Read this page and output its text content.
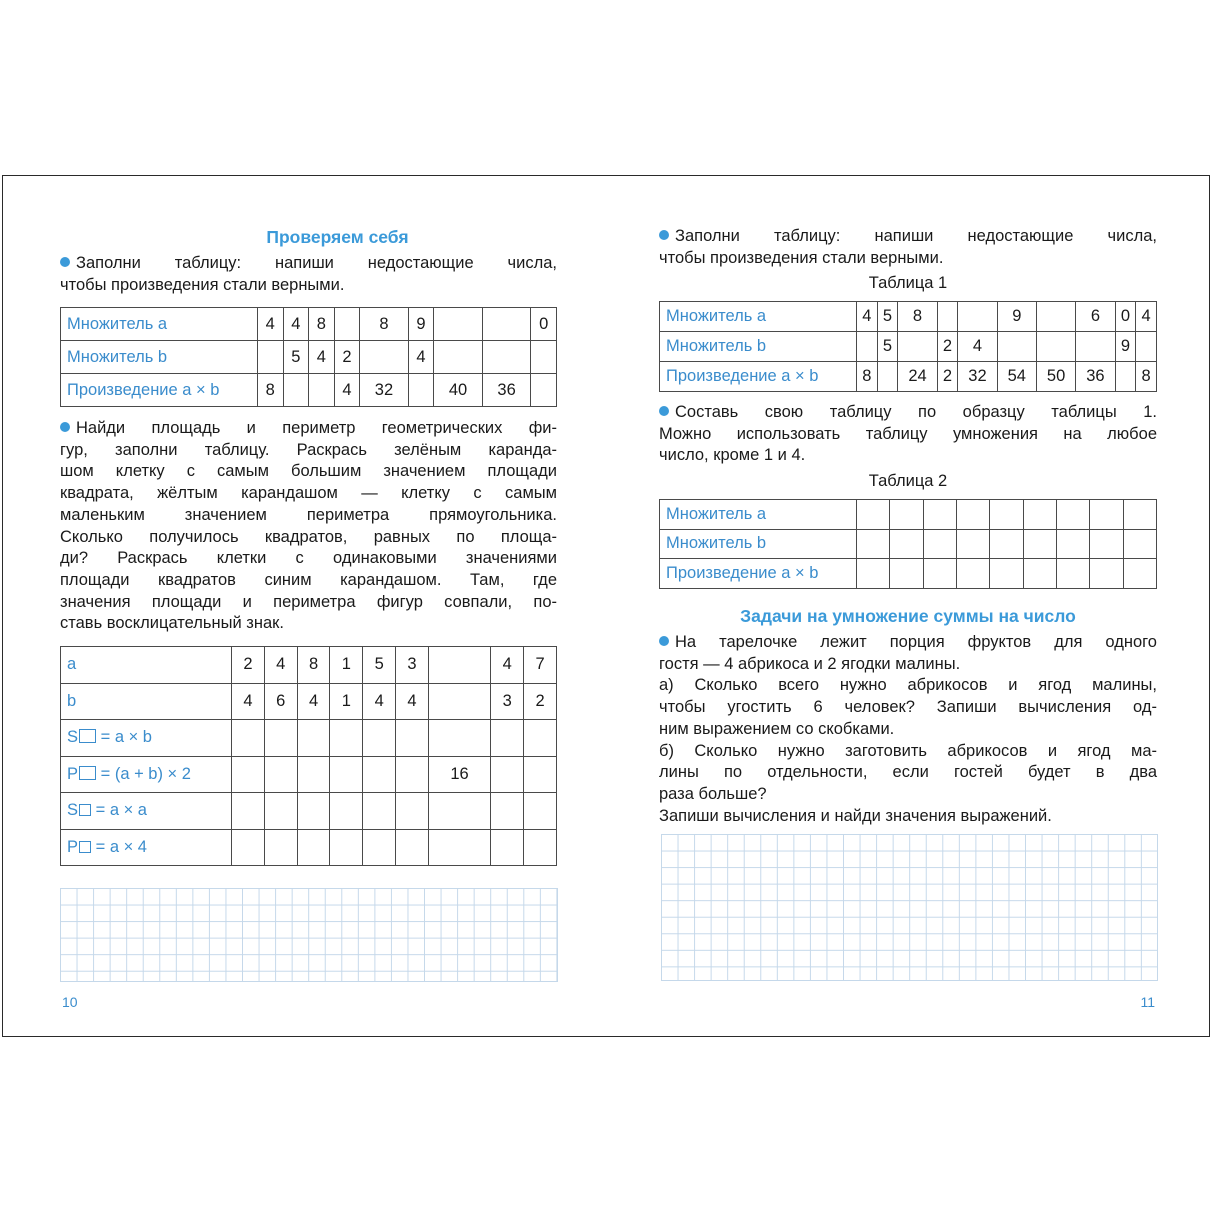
Проверяем себя
Заполни таблицу: напиши недостающие числа,
чтобы произведения стали верными.
Множитель a	4	4	8		8	9			0
Множитель b		5	4	2		4			
Произведение a × b	8			4	32		40	36	
Найди площадь и периметр геометрических фи-
гур, заполни таблицу. Раскрась зелёным каранда-
шом клетку с самым большим значением площади
квадрата, жёлтым карандашом — клетку с самым
маленьким значением периметра прямоугольника.
Сколько получилось квадратов, равных по площа-
ди? Раскрась клетки с одинаковыми значениями
площади квадратов синим карандашом. Там, где
значения площади и периметра фигур совпали, по-
ставь восклицательный знак.
a	2	4	8	1	5	3		4	7
b	4	6	4	1	4	4		3	2
S = a × b									
P = (a + b) × 2							16		
S = a × a									
P = a × 4									
10
Заполни таблицу: напиши недостающие числа,
чтобы произведения стали верными.
Таблица 1
Множитель a	4	5	8			9		6	0	4
Множитель b		5		2	4				9	
Произведение a × b	8		24	2	32	54	50	36		8
Составь свою таблицу по образцу таблицы 1.
Можно использовать таблицу умножения на любое
число, кроме 1 и 4.
Таблица 2
Множитель a									
Множитель b									
Произведение a × b									
Задачи на умножение суммы на число
На тарелочке лежит порция фруктов для одного
гостя — 4 абрикоса и 2 ягодки малины.
а) Сколько всего нужно абрикосов и ягод малины,
чтобы угостить 6 человек? Запиши вычисления од-
ним выражением со скобками.
б) Сколько нужно заготовить абрикосов и ягод ма-
лины по отдельности, если гостей будет в два
раза больше?
Запиши вычисления и найди значения выражений.
11
